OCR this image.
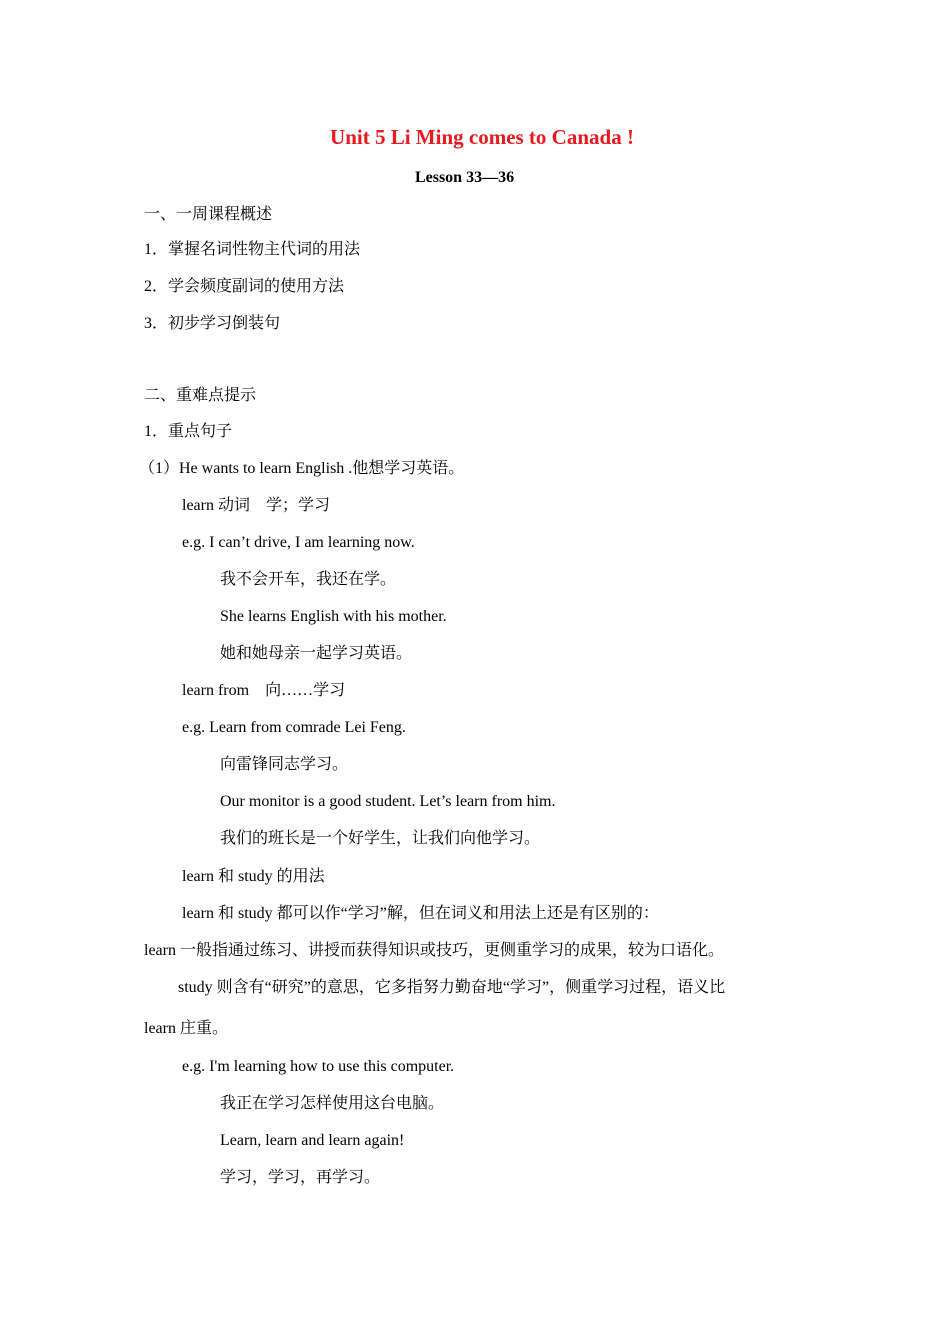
Unit 5 Li Ming comes to Canada !
Lesson 33—36
一、一周课程概述
1．掌握名词性物主代词的用法
2．学会频度副词的使用方法
3．初步学习倒装句
二、重难点提示
1．重点句子
（1）He wants to learn English .他想学习英语。
learn 动词　学；学习
e.g. I can’t drive, I am learning now.
我不会开车，我还在学。
She learns English with his mother.
她和她母亲一起学习英语。
learn from　向……学习
e.g. Learn from comrade Lei Feng.
向雷锋同志学习。
Our monitor is a good student. Let’s learn from him.
我们的班长是一个好学生，让我们向他学习。
learn 和 study 的用法
learn 和 study 都可以作“学习”解，但在词义和用法上还是有区别的：
learn 一般指通过练习、讲授而获得知识或技巧，更侧重学习的成果，较为口语化。
study 则含有“研究”的意思，它多指努力勤奋地“学习”，侧重学习过程，语义比
learn 庄重。
e.g. I'm learning how to use this computer.
我正在学习怎样使用这台电脑。
Learn, learn and learn again!
学习，学习，再学习。
